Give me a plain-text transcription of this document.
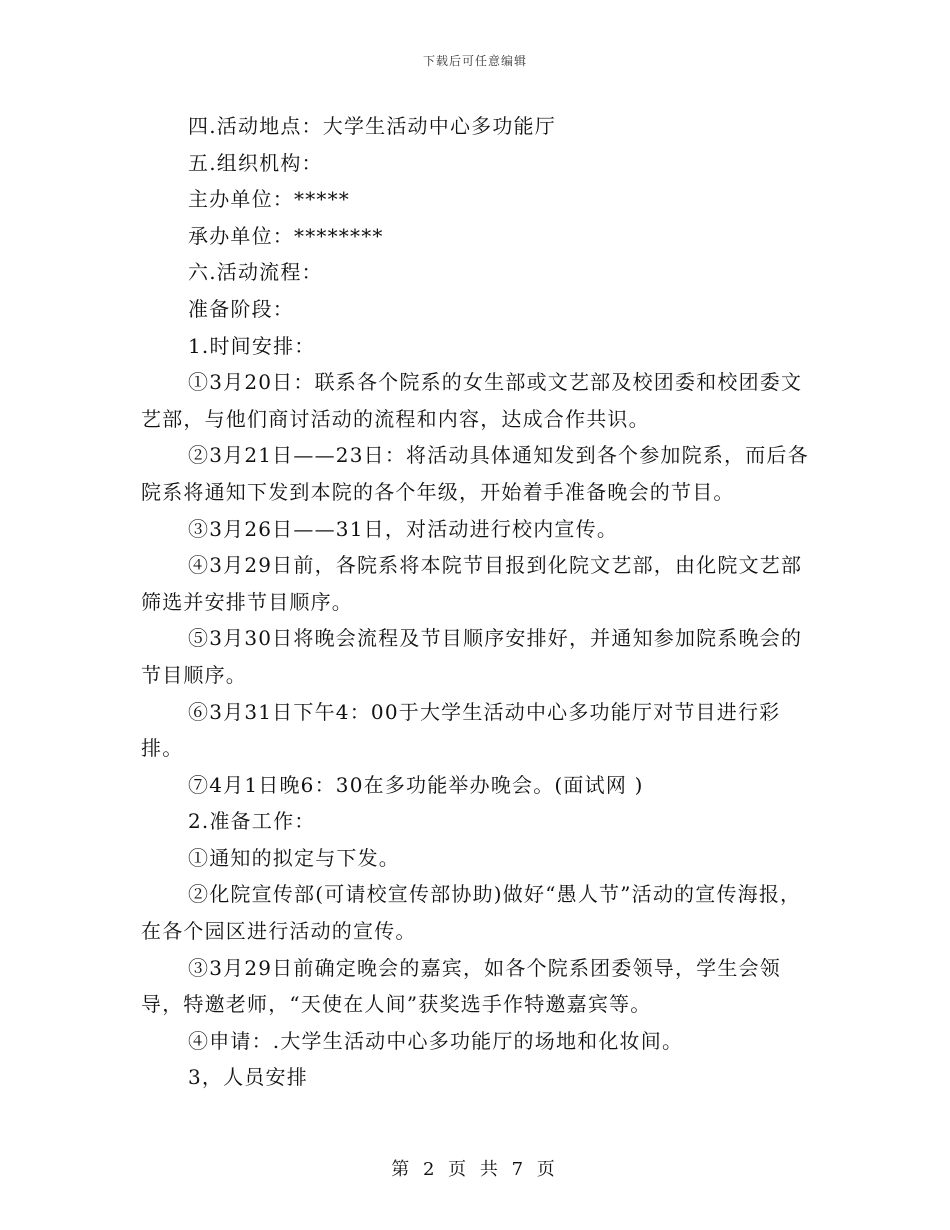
下载后可任意编辑

四.活动地点：大学生活动中心多功能厅

五.组织机构：

主办单位：*****

承办单位：********

六.活动流程：

准备阶段：

1.时间安排：

①3月20日：联系各个院系的女生部或文艺部及校团委和校团委文艺部，与他们商讨活动的流程和内容，达成合作共识。

②3月21日——23日：将活动具体通知发到各个参加院系，而后各院系将通知下发到本院的各个年级，开始着手准备晚会的节目。

③3月26日——31日，对活动进行校内宣传。

④3月29日前，各院系将本院节目报到化院文艺部，由化院文艺部筛选并安排节目顺序。

⑤3月30日将晚会流程及节目顺序安排好，并通知参加院系晚会的节目顺序。

⑥3月31日下午4：00于大学生活动中心多功能厅对节目进行彩排。

⑦4月1日晚6：30在多功能举办晚会。(面试网 )

2.准备工作：

①通知的拟定与下发。

②化院宣传部(可请校宣传部协助)做好“愚人节”活动的宣传海报，在各个园区进行活动的宣传。

③3月29日前确定晚会的嘉宾，如各个院系团委领导，学生会领导，特邀老师，“天使在人间”获奖选手作特邀嘉宾等。

④申请：.大学生活动中心多功能厅的场地和化妆间。

3，人员安排

第 2 页 共 7 页
